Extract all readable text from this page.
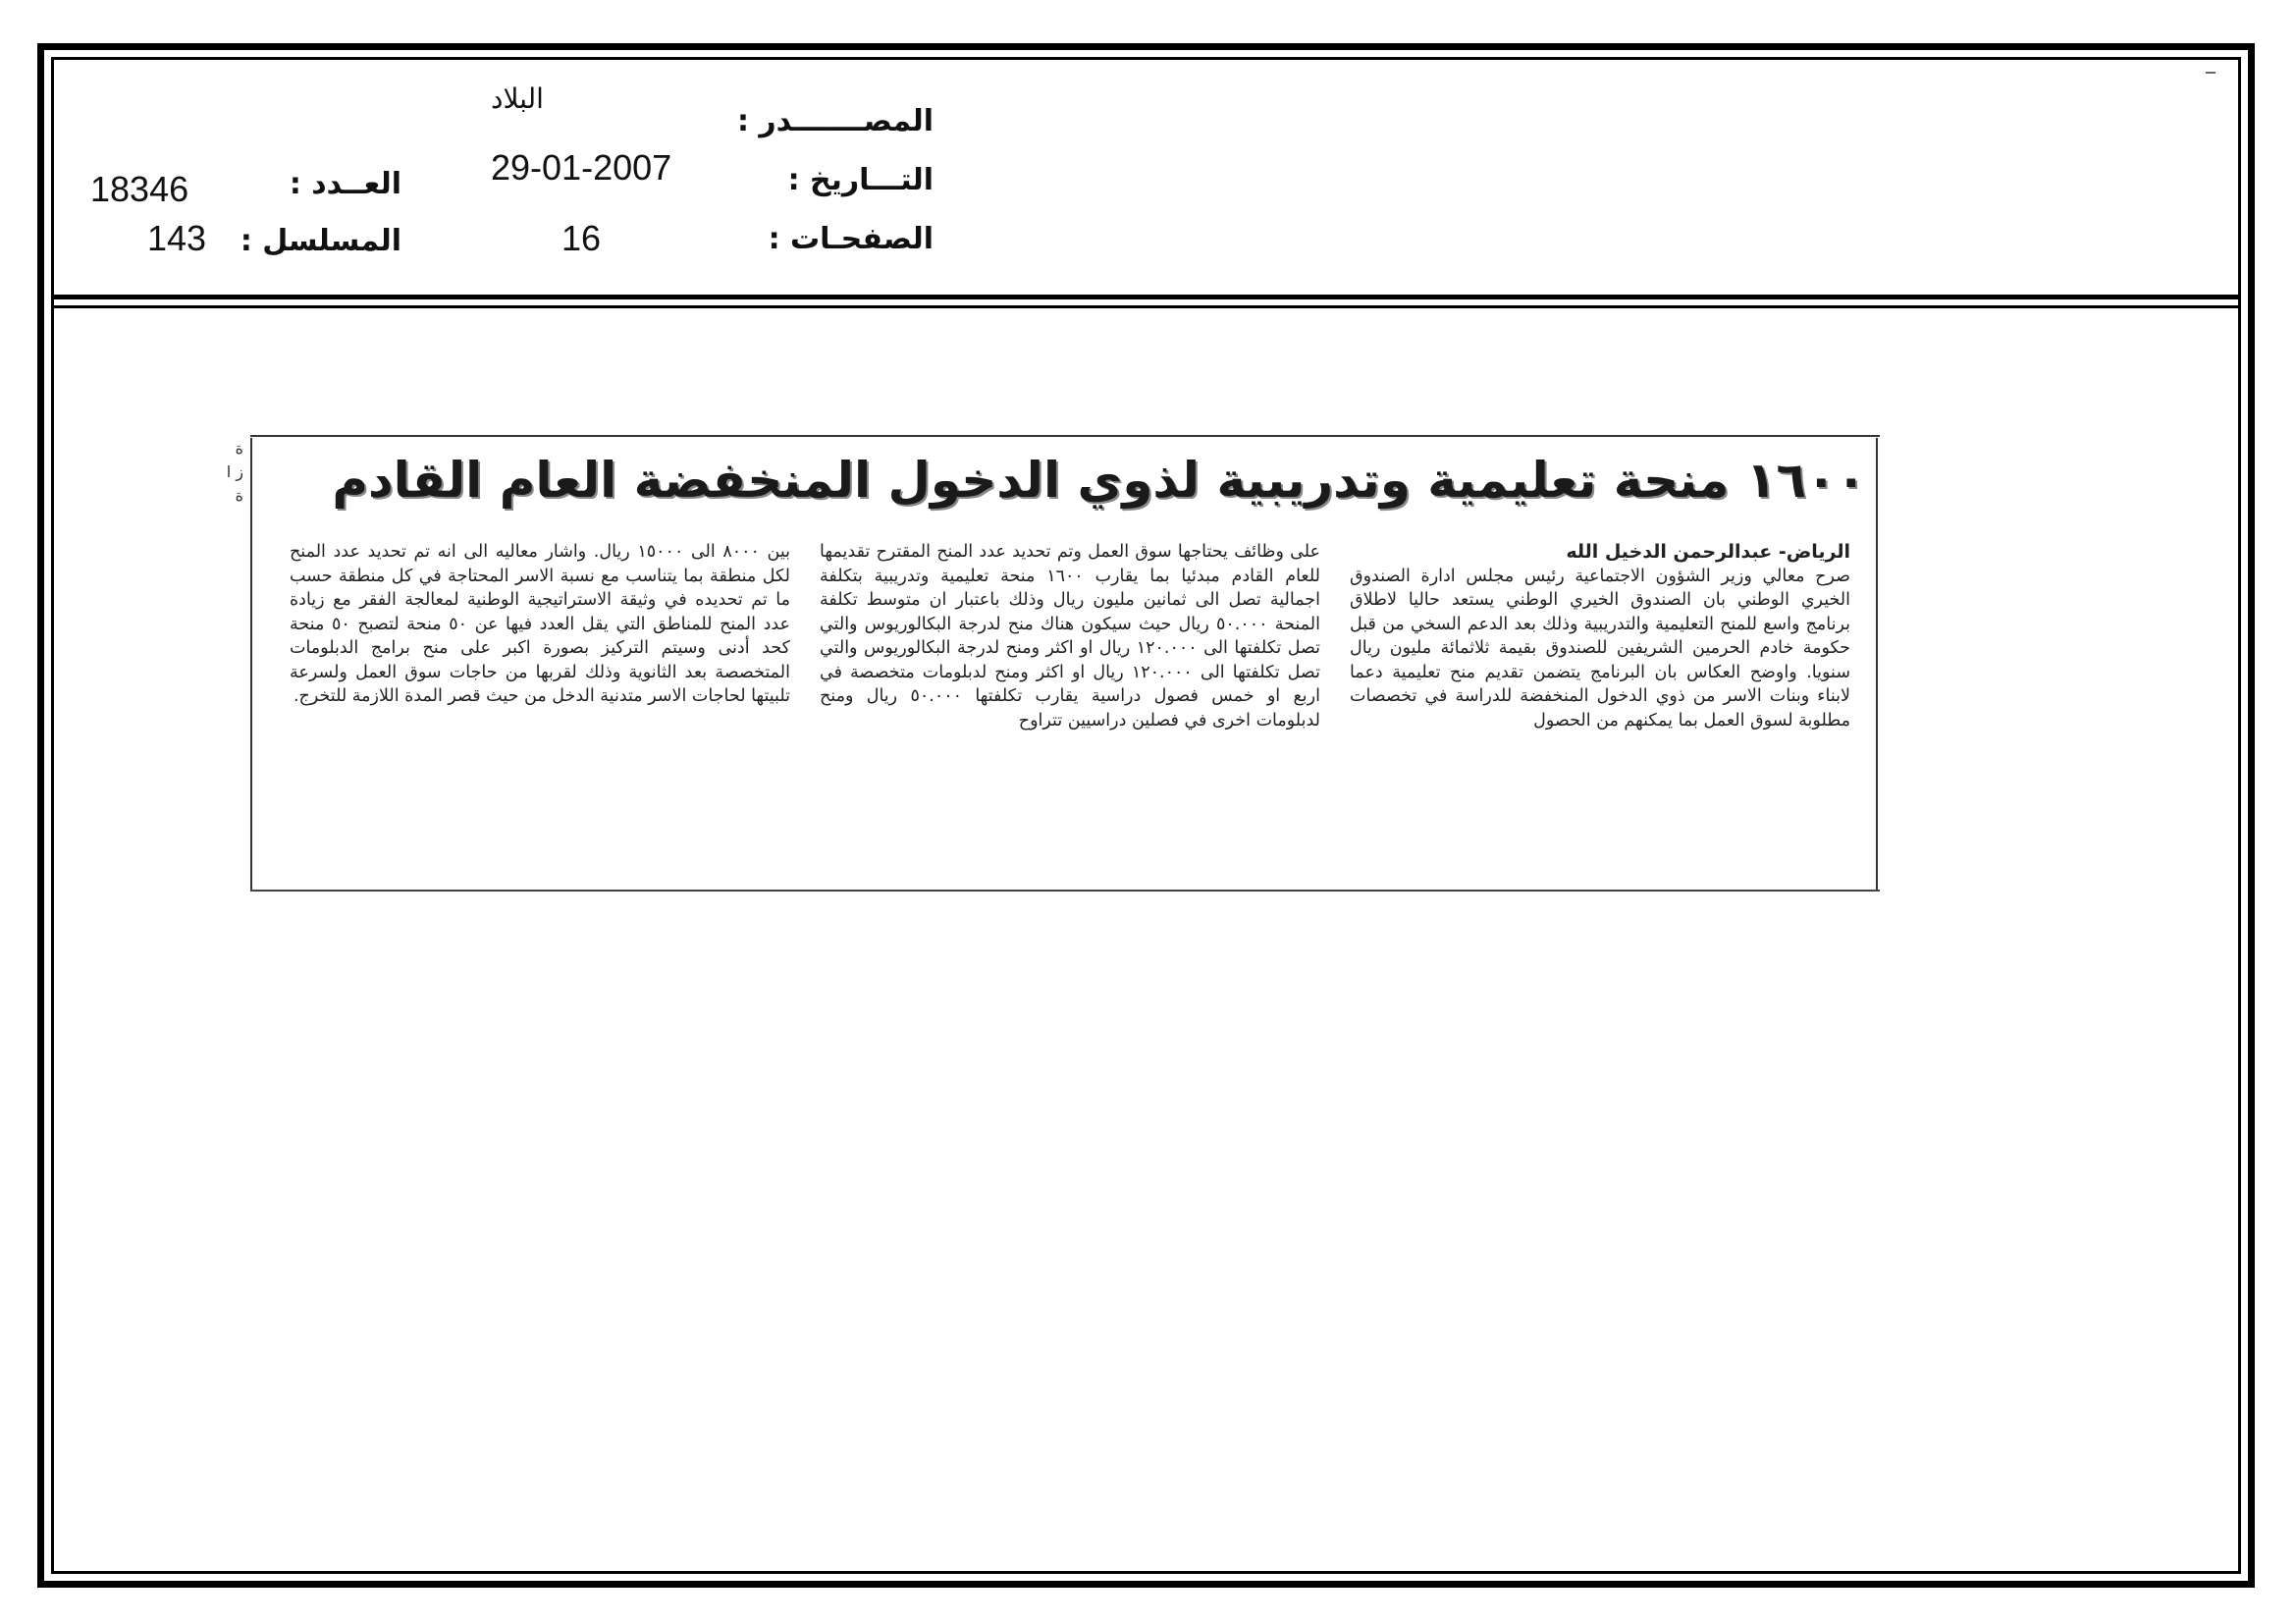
المصـــــــدر :
البلاد
التـــاريخ :
29-01-2007
الصفحـات :
16
العــدد :
18346
المسلسل :
143
ة ز ا ة	١٦٠٠ منحة تعليمية وتدريبية لذوي الدخول المنخفضة العام القادم

الرياض- عبدالرحمن الدخيل الله

صرح معالي وزير الشؤون الاجتماعية رئيس مجلس ادارة الصندوق الخيري الوطني بان الصندوق الخيري الوطني يستعد حاليا لاطلاق برنامج واسع للمنح التعليمية والتدريبية وذلك بعد الدعم السخي من قبل حكومة خادم الحرمين الشريفين للصندوق بقيمة ثلاثمائة مليون ريال سنويا. واوضح العكاس بان البرنامج يتضمن تقديم منح تعليمية دعما لابناء وبنات الاسر من ذوي الدخول المنخفضة للدراسة في تخصصات مطلوبة لسوق العمل بما يمكنهم من الحصول

على وظائف يحتاجها سوق العمل وتم تحديد عدد المنح المقترح تقديمها للعام القادم مبدئيا بما يقارب ١٦٠٠ منحة تعليمية وتدريبية بتكلفة اجمالية تصل الى ثمانين مليون ريال وذلك باعتبار ان متوسط تكلفة المنحة ٥٠.٠٠٠ ريال حيث سيكون هناك منح لدرجة البكالوريوس والتي تصل تكلفتها الى ١٢٠.٠٠٠ ريال او اكثر ومنح لدرجة البكالوريوس والتي تصل تكلفتها الى ١٢٠.٠٠٠ ريال او اكثر ومنح لدبلومات متخصصة في اربع او خمس فصول دراسية يقارب تكلفتها ٥٠.٠٠٠ ريال ومنح لدبلومات اخرى في فصلين دراسيين تتراوح

بين ٨٠٠٠ الى ١٥٠٠٠ ريال. واشار معاليه الى انه تم تحديد عدد المنح لكل منطقة بما يتناسب مع نسبة الاسر المحتاجة في كل منطقة حسب ما تم تحديده في وثيقة الاستراتيجية الوطنية لمعالجة الفقر مع زيادة عدد المنح للمناطق التي يقل العدد فيها عن ٥٠ منحة لتصبح ٥٠ منحة كحد أدنى وسيتم التركيز بصورة اكبر على منح برامج الدبلومات المتخصصة بعد الثانوية وذلك لقربها من حاجات سوق العمل ولسرعة تلبيتها لحاجات الاسر متدنية الدخل من حيث قصر المدة اللازمة للتخرج.
